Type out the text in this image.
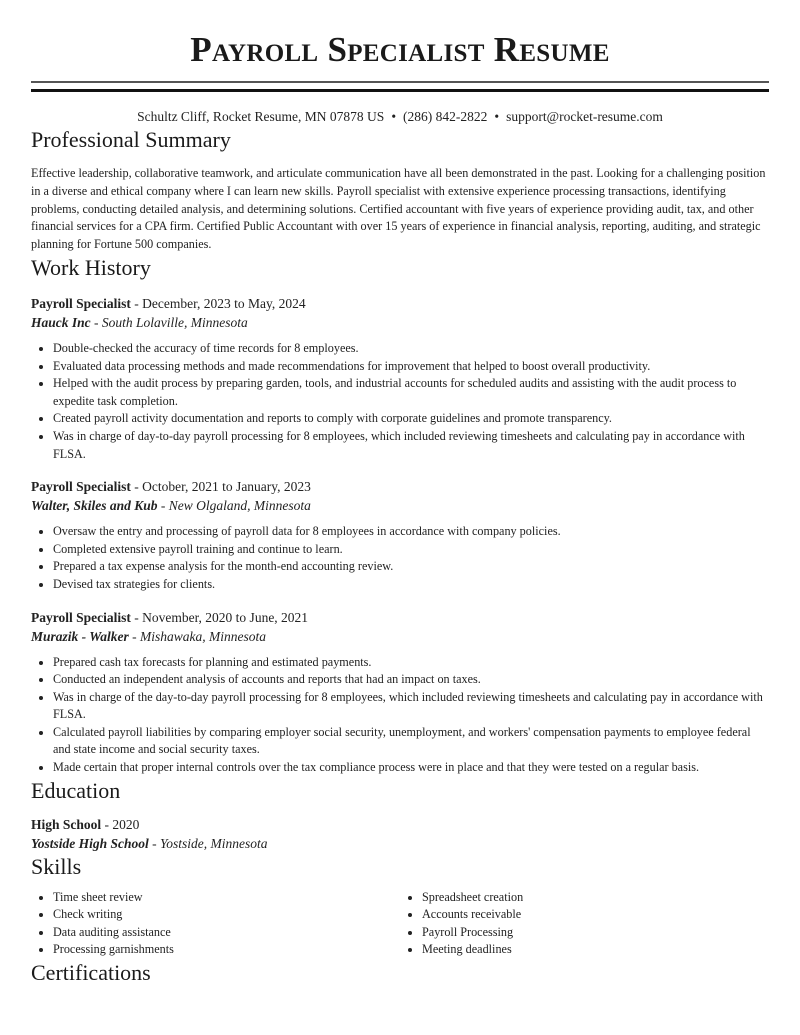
Payroll Specialist Resume
Schultz Cliff, Rocket Resume, MN 07878 US • (286) 842-2822 • support@rocket-resume.com
Professional Summary

Effective leadership, collaborative teamwork, and articulate communication have all been demonstrated in the past. Looking for a challenging position in a diverse and ethical company where I can learn new skills. Payroll specialist with extensive experience processing transactions, identifying problems, conducting detailed analysis, and determining solutions. Certified accountant with five years of experience providing audit, tax, and other financial services for a CPA firm. Certified Public Accountant with over 15 years of experience in financial analysis, reporting, auditing, and strategic planning for Fortune 500 companies.

Work History
Payroll Specialist - December, 2023 to May, 2024
Hauck Inc - South Lolaville, Minnesota
• Double-checked the accuracy of time records for 8 employees.
• Evaluated data processing methods and made recommendations for improvement that helped to boost overall productivity.
• Helped with the audit process by preparing garden, tools, and industrial accounts for scheduled audits and assisting with the audit process to expedite task completion.
• Created payroll activity documentation and reports to comply with corporate guidelines and promote transparency.
• Was in charge of day-to-day payroll processing for 8 employees, which included reviewing timesheets and calculating pay in accordance with FLSA.
Payroll Specialist - October, 2021 to January, 2023
Walter, Skiles and Kub - New Olgaland, Minnesota
• Oversaw the entry and processing of payroll data for 8 employees in accordance with company policies.
• Completed extensive payroll training and continue to learn.
• Prepared a tax expense analysis for the month-end accounting review.
• Devised tax strategies for clients.
Payroll Specialist - November, 2020 to June, 2021
Murazik - Walker - Mishawaka, Minnesota
• Prepared cash tax forecasts for planning and estimated payments.
• Conducted an independent analysis of accounts and reports that had an impact on taxes.
• Was in charge of the day-to-day payroll processing for 8 employees, which included reviewing timesheets and calculating pay in accordance with FLSA.
• Calculated payroll liabilities by comparing employer social security, unemployment, and workers' compensation payments to employee federal and state income and social security taxes.
• Made certain that proper internal controls over the tax compliance process were in place and that they were tested on a regular basis.
Education
High School - 2020
Yostside High School - Yostside, Minnesota
Skills
• Time sheet review
• Check writing
• Data auditing assistance
• Processing garnishments
• Spreadsheet creation
• Accounts receivable
• Payroll Processing
• Meeting deadlines
Certifications
